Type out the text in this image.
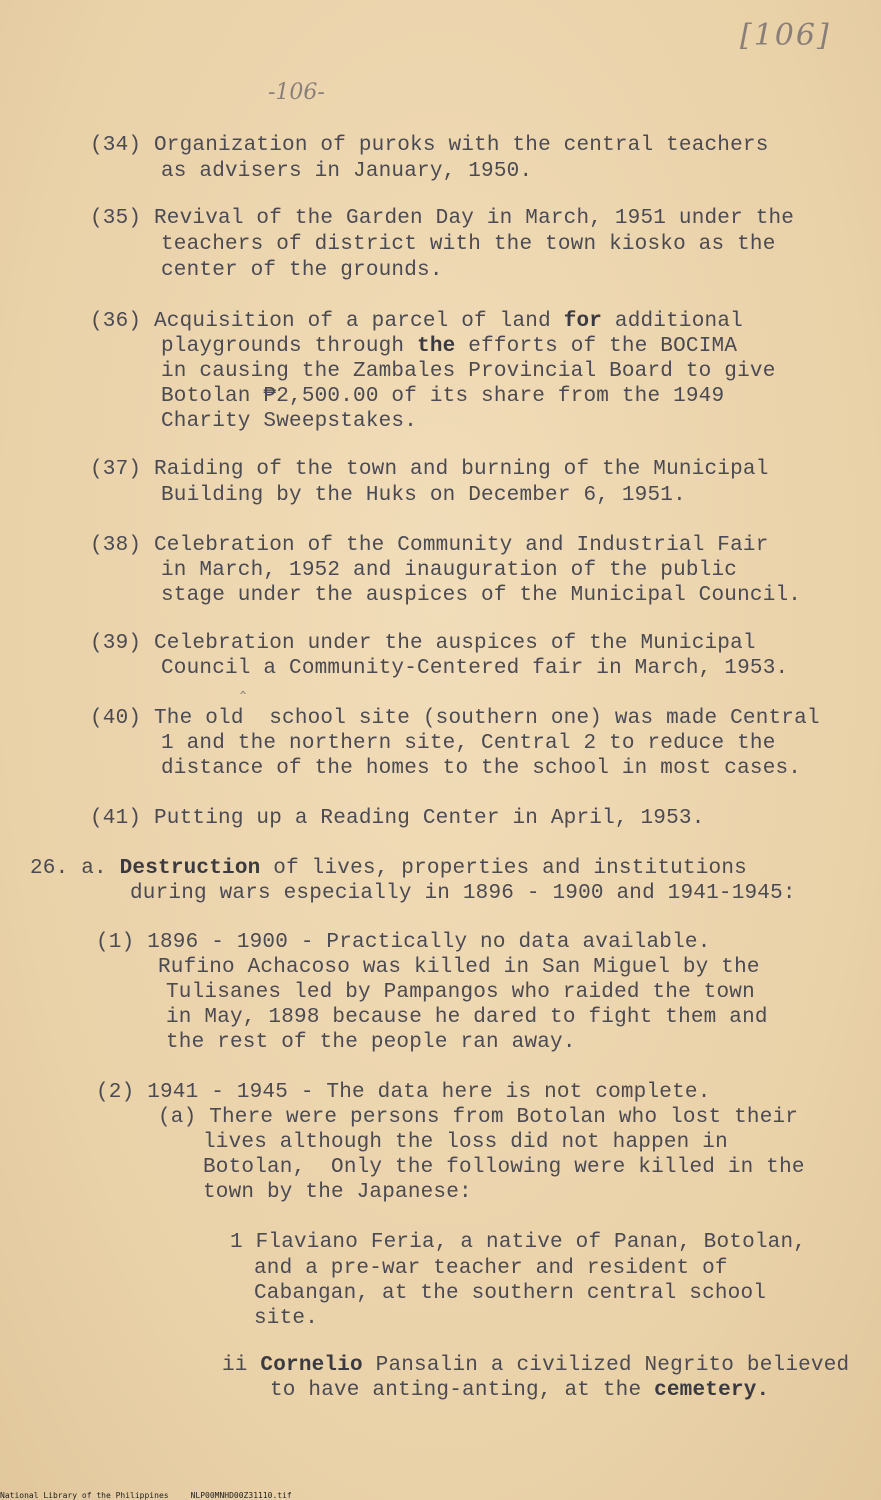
[106]
-106-
(34) Organization of puroks with the central teachers
as advisers in January, 1950.
(35) Revival of the Garden Day in March, 1951 under the
teachers of district with the town kiosko as the
center of the grounds.
(36) Acquisition of a parcel of land for additional
playgrounds through the efforts of the BOCIMA
in causing the Zambales Provincial Board to give
Botolan ₱2,500.00 of its share from the 1949
Charity Sweepstakes.
(37) Raiding of the town and burning of the Municipal
Building by the Huks on December 6, 1951.
(38) Celebration of the Community and Industrial Fair
in March, 1952 and inauguration of the public
stage under the auspices of the Municipal Council.
(39) Celebration under the auspices of the Municipal
Council a Community-Centered fair in March, 1953.
‸
(40) The old  school site (southern one) was made Central
1 and the northern site, Central 2 to reduce the
distance of the homes to the school in most cases.
(41) Putting up a Reading Center in April, 1953.
26. a. Destruction of lives, properties and institutions
during wars especially in 1896 - 1900 and 1941-1945:
(1) 1896 - 1900 - Practically no data available.
Rufino Achacoso was killed in San Miguel by the
Tulisanes led by Pampangos who raided the town
in May, 1898 because he dared to fight them and
the rest of the people ran away.
(2) 1941 - 1945 - The data here is not complete.
(a) There were persons from Botolan who lost their
lives although the loss did not happen in
Botolan,  Only the following were killed in the
town by the Japanese:
1 Flaviano Feria, a native of Panan, Botolan,
and a pre-war teacher and resident of
Cabangan, at the southern central school
site.
ii Cornelio Pansalin a civilized Negrito believed
to have anting-anting, at the cemetery.
National Library of the Philippines	NLP00MNHD00Z31110.tif
